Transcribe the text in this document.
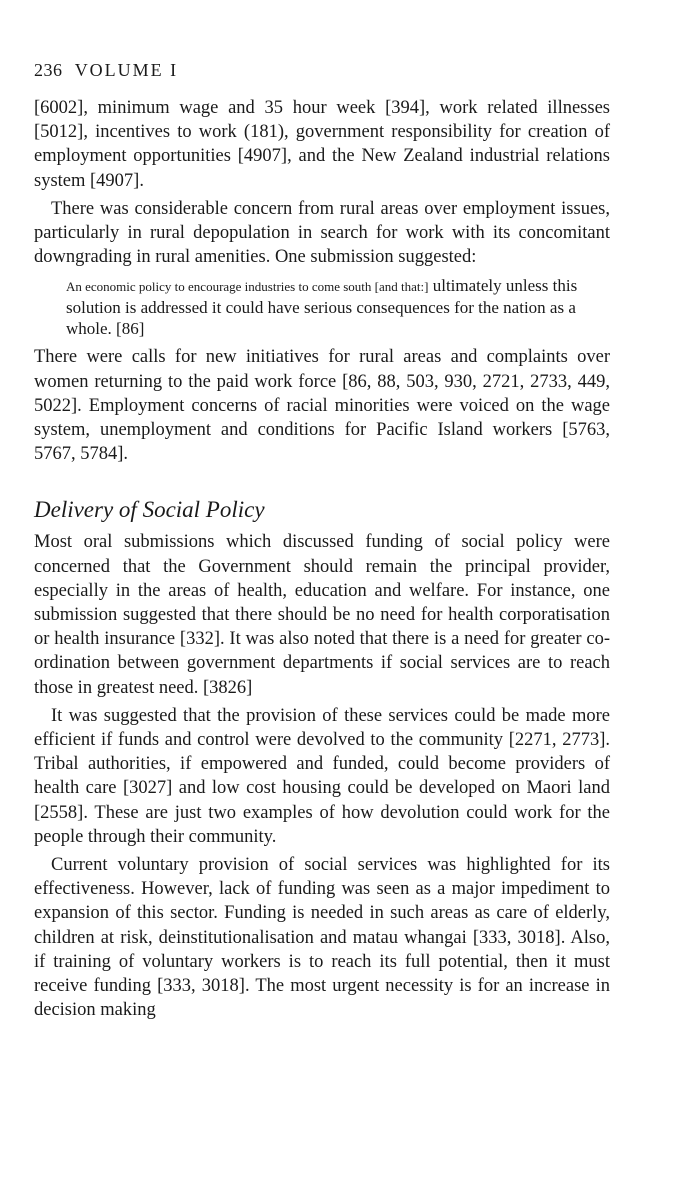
236 VOLUME I

[6002], minimum wage and 35 hour week [394], work related illnesses [5012], incentives to work (181), government responsibility for creation of employment opportunities [4907], and the New Zealand industrial relations system [4907].

There was considerable concern from rural areas over employment issues, particularly in rural depopulation in search for work with its concomitant downgrading in rural amenities. One submission suggested:

An economic policy to encourage industries to come south [and that:] ultimately unless this solution is addressed it could have serious consequences for the nation as a whole. [86]

There were calls for new initiatives for rural areas and complaints over women returning to the paid work force [86, 88, 503, 930, 2721, 2733, 449, 5022]. Employment concerns of racial minorities were voiced on the wage system, unemployment and conditions for Pacific Island workers [5763, 5767, 5784].

Delivery of Social Policy

Most oral submissions which discussed funding of social policy were concerned that the Government should remain the principal provider, especially in the areas of health, education and welfare. For instance, one submission suggested that there should be no need for health corporatisation or health insurance [332]. It was also noted that there is a need for greater co-ordination between government departments if social services are to reach those in greatest need. [3826]

It was suggested that the provision of these services could be made more efficient if funds and control were devolved to the community [2271, 2773]. Tribal authorities, if empowered and funded, could become providers of health care [3027] and low cost housing could be developed on Maori land [2558]. These are just two examples of how devolution could work for the people through their community.

Current voluntary provision of social services was highlighted for its effectiveness. However, lack of funding was seen as a major impediment to expansion of this sector. Funding is needed in such areas as care of elderly, children at risk, deinstitutionalisation and matau whangai [333, 3018]. Also, if training of voluntary workers is to reach its full potential, then it must receive funding [333, 3018]. The most urgent necessity is for an increase in decision making
